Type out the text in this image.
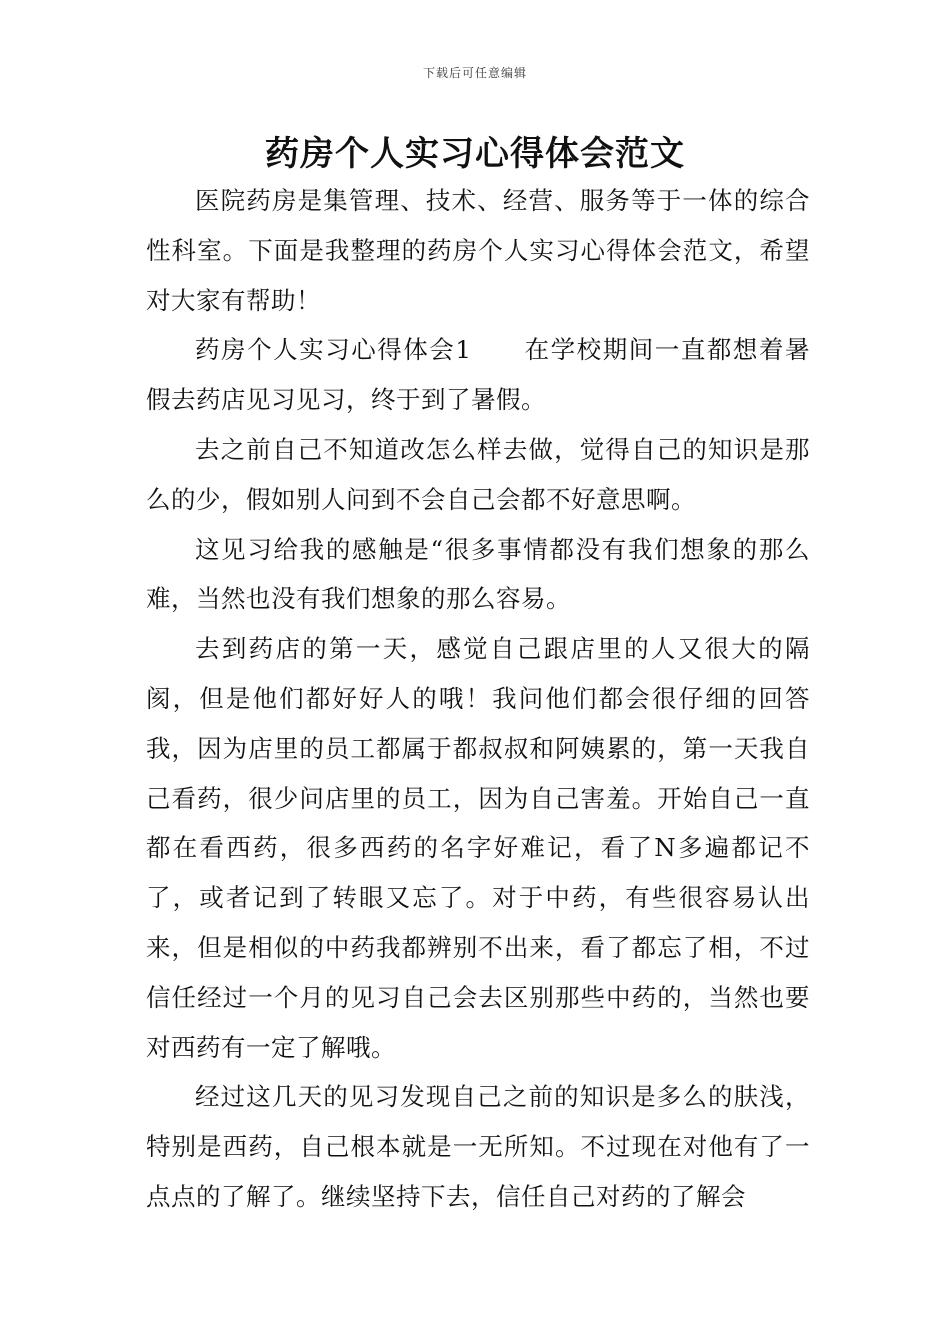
下载后可任意编辑
药房个人实习心得体会范文

医院药房是集管理、技术、经营、服务等于一体的综合性科室。下面是我整理的药房个人实习心得体会范文，希望对大家有帮助！

药房个人实习心得体会1　　在学校期间一直都想着暑假去药店见习见习，终于到了暑假。

去之前自己不知道改怎么样去做，觉得自己的知识是那么的少，假如别人问到不会自己会都不好意思啊。

这见习给我的感触是“很多事情都没有我们想象的那么难，当然也没有我们想象的那么容易。

去到药店的第一天，感觉自己跟店里的人又很大的隔阂，但是他们都好好人的哦！我问他们都会很仔细的回答我，因为店里的员工都属于都叔叔和阿姨累的，第一天我自己看药，很少问店里的员工，因为自己害羞。开始自己一直都在看西药，很多西药的名字好难记，看了N多遍都记不了，或者记到了转眼又忘了。对于中药，有些很容易认出来，但是相似的中药我都辨别不出来，看了都忘了相，不过信任经过一个月的见习自己会去区别那些中药的，当然也要对西药有一定了解哦。

经过这几天的见习发现自己之前的知识是多么的肤浅，特别是西药，自己根本就是一无所知。不过现在对他有了一点点的了解了。继续坚持下去，信任自己对药的了解会
